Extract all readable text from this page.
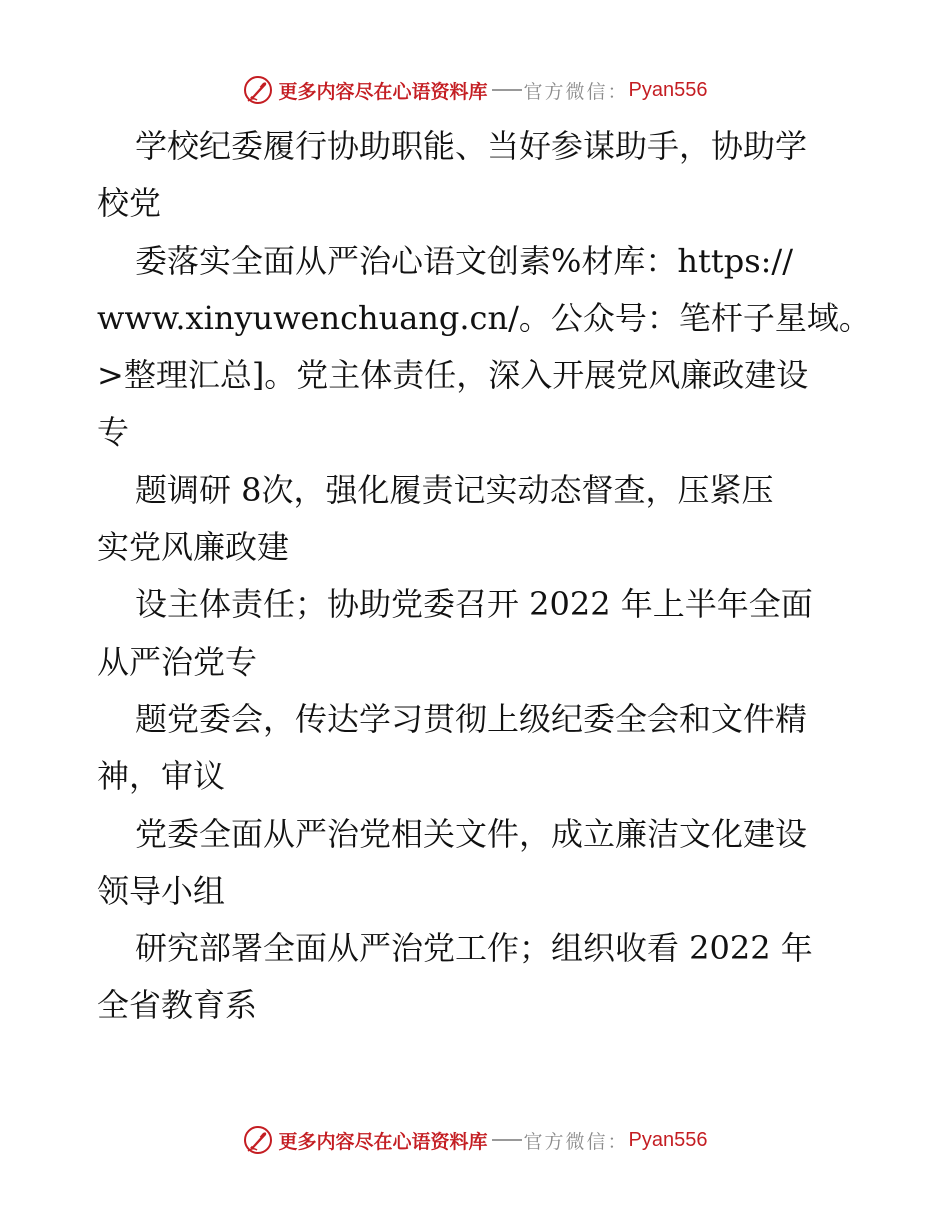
更多内容尽在心语资料库 官方微信： Pyan556
学校纪委履行协助职能、当好参谋助手，协助学
校党
委落实全面从严治心语文创素%材库：https://
www.xinyuwenchuang.cn/。公众号：笔杆子星域。
>整理汇总]。党主体责任，深入开展党风廉政建设
专
题调研 8次，强化履责记实动态督查，压紧压
实党风廉政建
设主体责任；协助党委召开 2022 年上半年全面
从严治党专
题党委会，传达学习贯彻上级纪委全会和文件精
神，审议
党委全面从严治党相关文件，成立廉洁文化建设
领导小组
研究部署全面从严治党工作；组织收看 2022 年
全省教育系
更多内容尽在心语资料库 官方微信： Pyan556
